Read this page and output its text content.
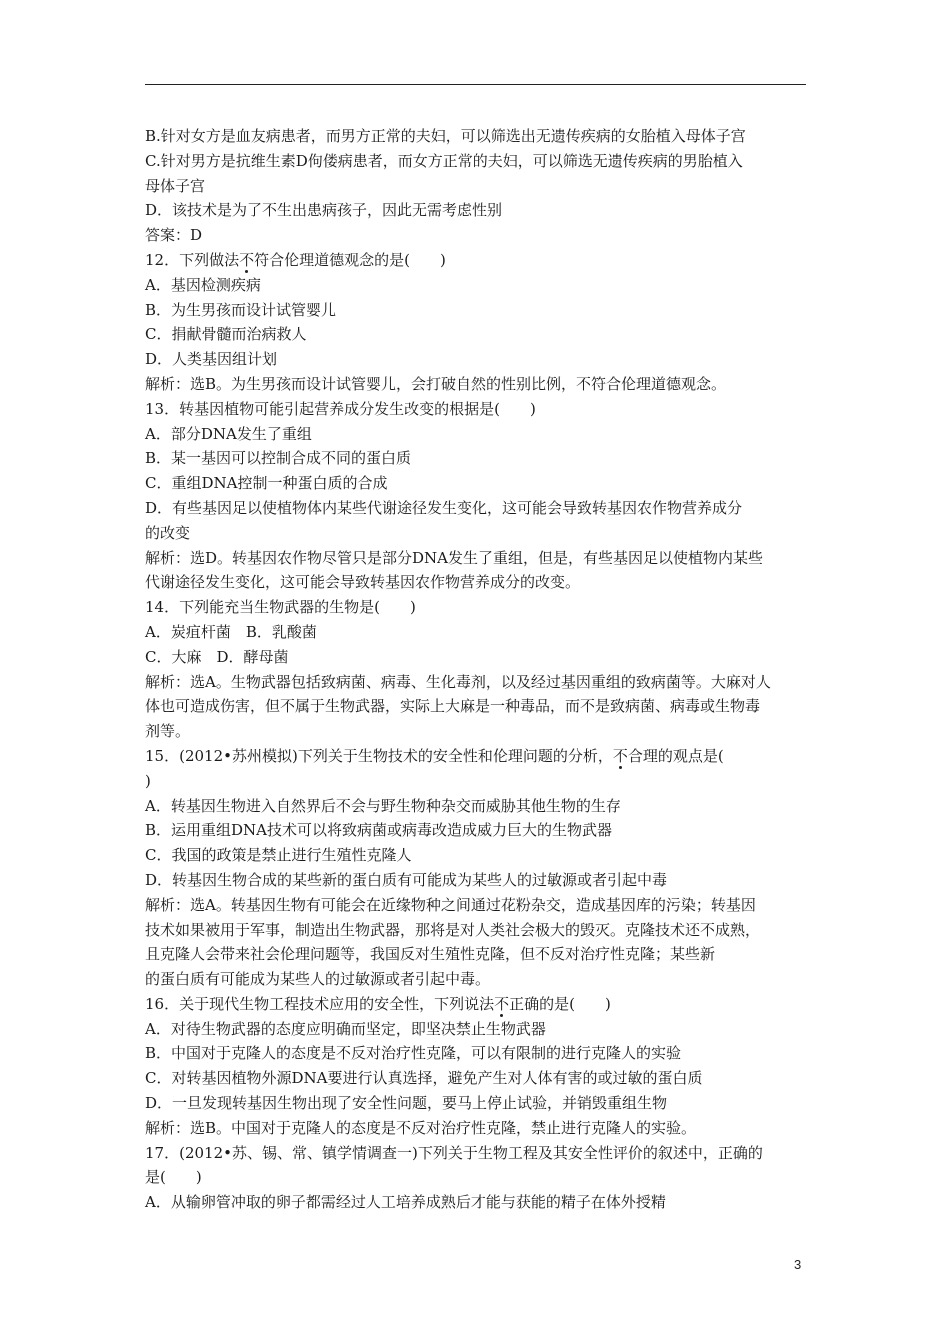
B.针对女方是血友病患者，而男方正常的夫妇，可以筛选出无遗传疾病的女胎植入母体子宫
C.针对男方是抗维生素D佝偻病患者，而女方正常的夫妇，可以筛选无遗传疾病的男胎植入
母体子宫
D．该技术是为了不生出患病孩子，因此无需考虑性别
答案：D
12．下列做法不符合伦理道德观念的是(　　)
A．基因检测疾病
B．为生男孩而设计试管婴儿
C．捐献骨髓而治病救人
D．人类基因组计划
解析：选B。为生男孩而设计试管婴儿，会打破自然的性别比例，不符合伦理道德观念。
13．转基因植物可能引起营养成分发生改变的根据是(　　)
A．部分DNA发生了重组
B．某一基因可以控制合成不同的蛋白质
C．重组DNA控制一种蛋白质的合成
D．有些基因足以使植物体内某些代谢途径发生变化，这可能会导致转基因农作物营养成分
的改变
解析：选D。转基因农作物尽管只是部分DNA发生了重组，但是，有些基因足以使植物内某些
代谢途径发生变化，这可能会导致转基因农作物营养成分的改变。
14．下列能充当生物武器的生物是(　　)
A．炭疽杆菌　B．乳酸菌
C．大麻　D．酵母菌
解析：选A。生物武器包括致病菌、病毒、生化毒剂，以及经过基因重组的致病菌等。大麻对人
体也可造成伤害，但不属于生物武器，实际上大麻是一种毒品，而不是致病菌、病毒或生物毒
剂等。
15．(2012•苏州模拟)下列关于生物技术的安全性和伦理问题的分析，不合理的观点是(
)
A．转基因生物进入自然界后不会与野生物种杂交而威胁其他生物的生存
B．运用重组DNA技术可以将致病菌或病毒改造成威力巨大的生物武器
C．我国的政策是禁止进行生殖性克隆人
D．转基因生物合成的某些新的蛋白质有可能成为某些人的过敏源或者引起中毒
解析：选A。转基因生物有可能会在近缘物种之间通过花粉杂交，造成基因库的污染；转基因
技术如果被用于军事，制造出生物武器，那将是对人类社会极大的毁灭。克隆技术还不成熟，
且克隆人会带来社会伦理问题等，我国反对生殖性克隆，但不反对治疗性克隆；某些新
的蛋白质有可能成为某些人的过敏源或者引起中毒。
16．关于现代生物工程技术应用的安全性，下列说法不正确的是(　　)
A．对待生物武器的态度应明确而坚定，即坚决禁止生物武器
B．中国对于克隆人的态度是不反对治疗性克隆，可以有限制的进行克隆人的实验
C．对转基因植物外源DNA要进行认真选择，避免产生对人体有害的或过敏的蛋白质
D．一旦发现转基因生物出现了安全性问题，要马上停止试验，并销毁重组生物
解析：选B。中国对于克隆人的态度是不反对治疗性克隆，禁止进行克隆人的实验。
17．(2012•苏、锡、常、镇学情调查一)下列关于生物工程及其安全性评价的叙述中，正确的
是(　　)
A．从输卵管冲取的卵子都需经过人工培养成熟后才能与获能的精子在体外授精
3
